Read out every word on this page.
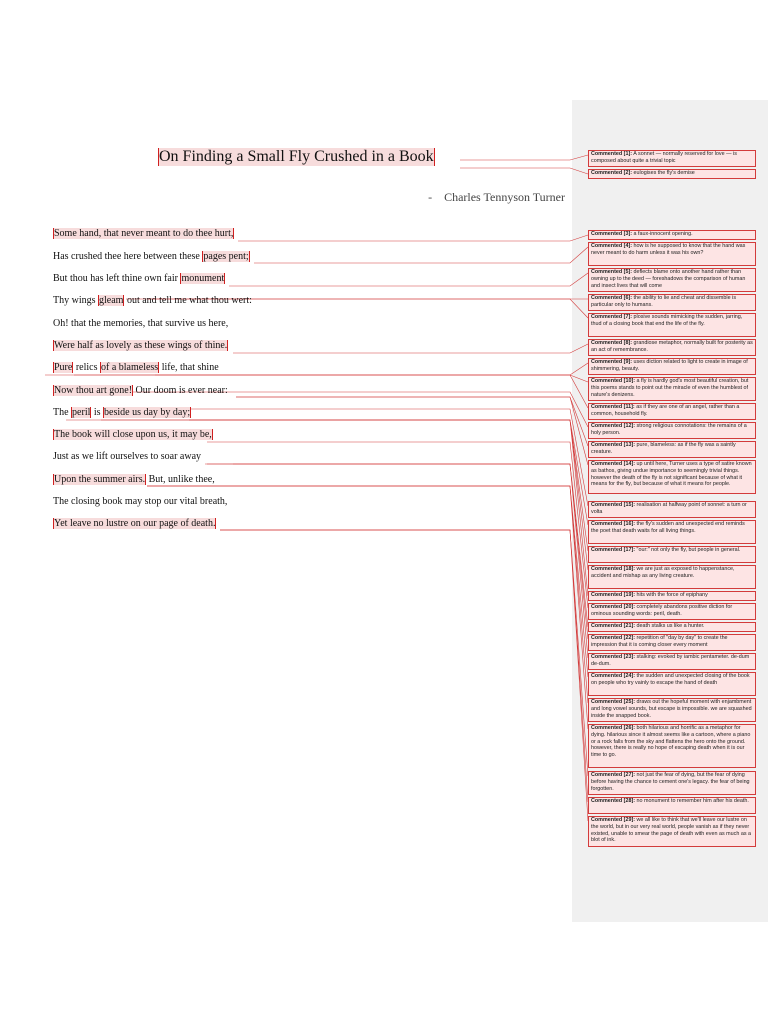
On Finding a Small Fly Crushed in a Book
- Charles Tennyson Turner
Some hand, that never meant to do thee hurt,
Has crushed thee here between these pages pent;
But thou has left thine own fair monument
Thy wings gleam out and tell me what thou wert:
Oh! that the memories, that survive us here,
Were half as lovely as these wings of thine.
Pure relics of a blameless life, that shine
Now thou art gone! Our doom is ever near:
The peril is beside us day by day;
The book will close upon us, it may be,
Just as we lift ourselves to soar away
Upon the summer airs. But, unlike thee,
The closing book may stop our vital breath,
Yet leave no lustre on our page of death.
Commented [1]: A sonnet — normally reserved for love — is composed about quite a trivial topic
Commented [2]: eulogises the fly's demise
Commented [3]: a faux-innocent opening.
Commented [4]: how is he supposed to know that the hand was never meant to do harm unless it was his own?
Commented [5]: deflects blame onto another hand rather than owning up to the deed — foreshadows the comparison of human and insect lives that will come
Commented [6]: the ability to lie and cheat and dissemble is particular only to humans.
Commented [7]: plosive sounds mimicking the sudden, jarring, thud of a closing book that end the life of the fly.
Commented [8]: grandiose metaphor, normally built for posterity as an act of remembrance.
Commented [9]: uses diction related to light to create in image of shimmering, beauty.
Commented [10]: a fly is hardly god's most beautiful creation, but this poems stands to point out the miracle of even the humblest of nature's denizens.
Commented [11]: as if they are one of an angel, rather than a common, household fly.
Commented [12]: strong religious connotations: the remains of a holy person.
Commented [13]: pure, blameless: as if the fly was a saintly creature.
Commented [14]: up until here, Turner uses a type of satire known as bathos, giving undue importance to seemingly trivial things. however the death of the fly is not significant because of what it means for the fly, but because of what it means for people.
Commented [15]: realisation at halfway point of sonnet: a turn or volta
Commented [16]: the fly's sudden and unexpected end reminds the poet that death waits for all living things.
Commented [17]: "our:" not only the fly, but people in general.
Commented [18]: we are just as exposed to happenstance, accident and mishap as any living creature.
Commented [19]: hits with the force of epiphany
Commented [20]: completely abandons positive diction for ominous sounding words: peril, death.
Commented [21]: death stalks us like a hunter.
Commented [22]: repetition of "day by day" to create the impression that it is coming closer every moment
Commented [23]: stalking: evoked by iambic pentameter. de-dum de-dum.
Commented [24]: the sudden and unexpected closing of the book on people who try vainly to escape the hand of death
Commented [25]: draws out the hopeful moment with enjambment and long vowel sounds, but escape is impossible. we are squashed inside the snapped book.
Commented [26]: both hilarious and horrific as a metaphor for dying. hilarious since it almost seems like a cartoon, where a piano or a rock falls from the sky and flattens the hero onto the ground. however, there is really no hope of escaping death when it is our time to go.
Commented [27]: not just the fear of dying, but the fear of dying before having the chance to cement one's legacy. the fear of being forgotten.
Commented [28]: no monument to remember him after his death.
Commented [29]: we all like to think that we'll leave our lustre on the world, but in our very real world, people vanish as if they never existed, unable to smear the page of death with even as much as a blot of ink.
